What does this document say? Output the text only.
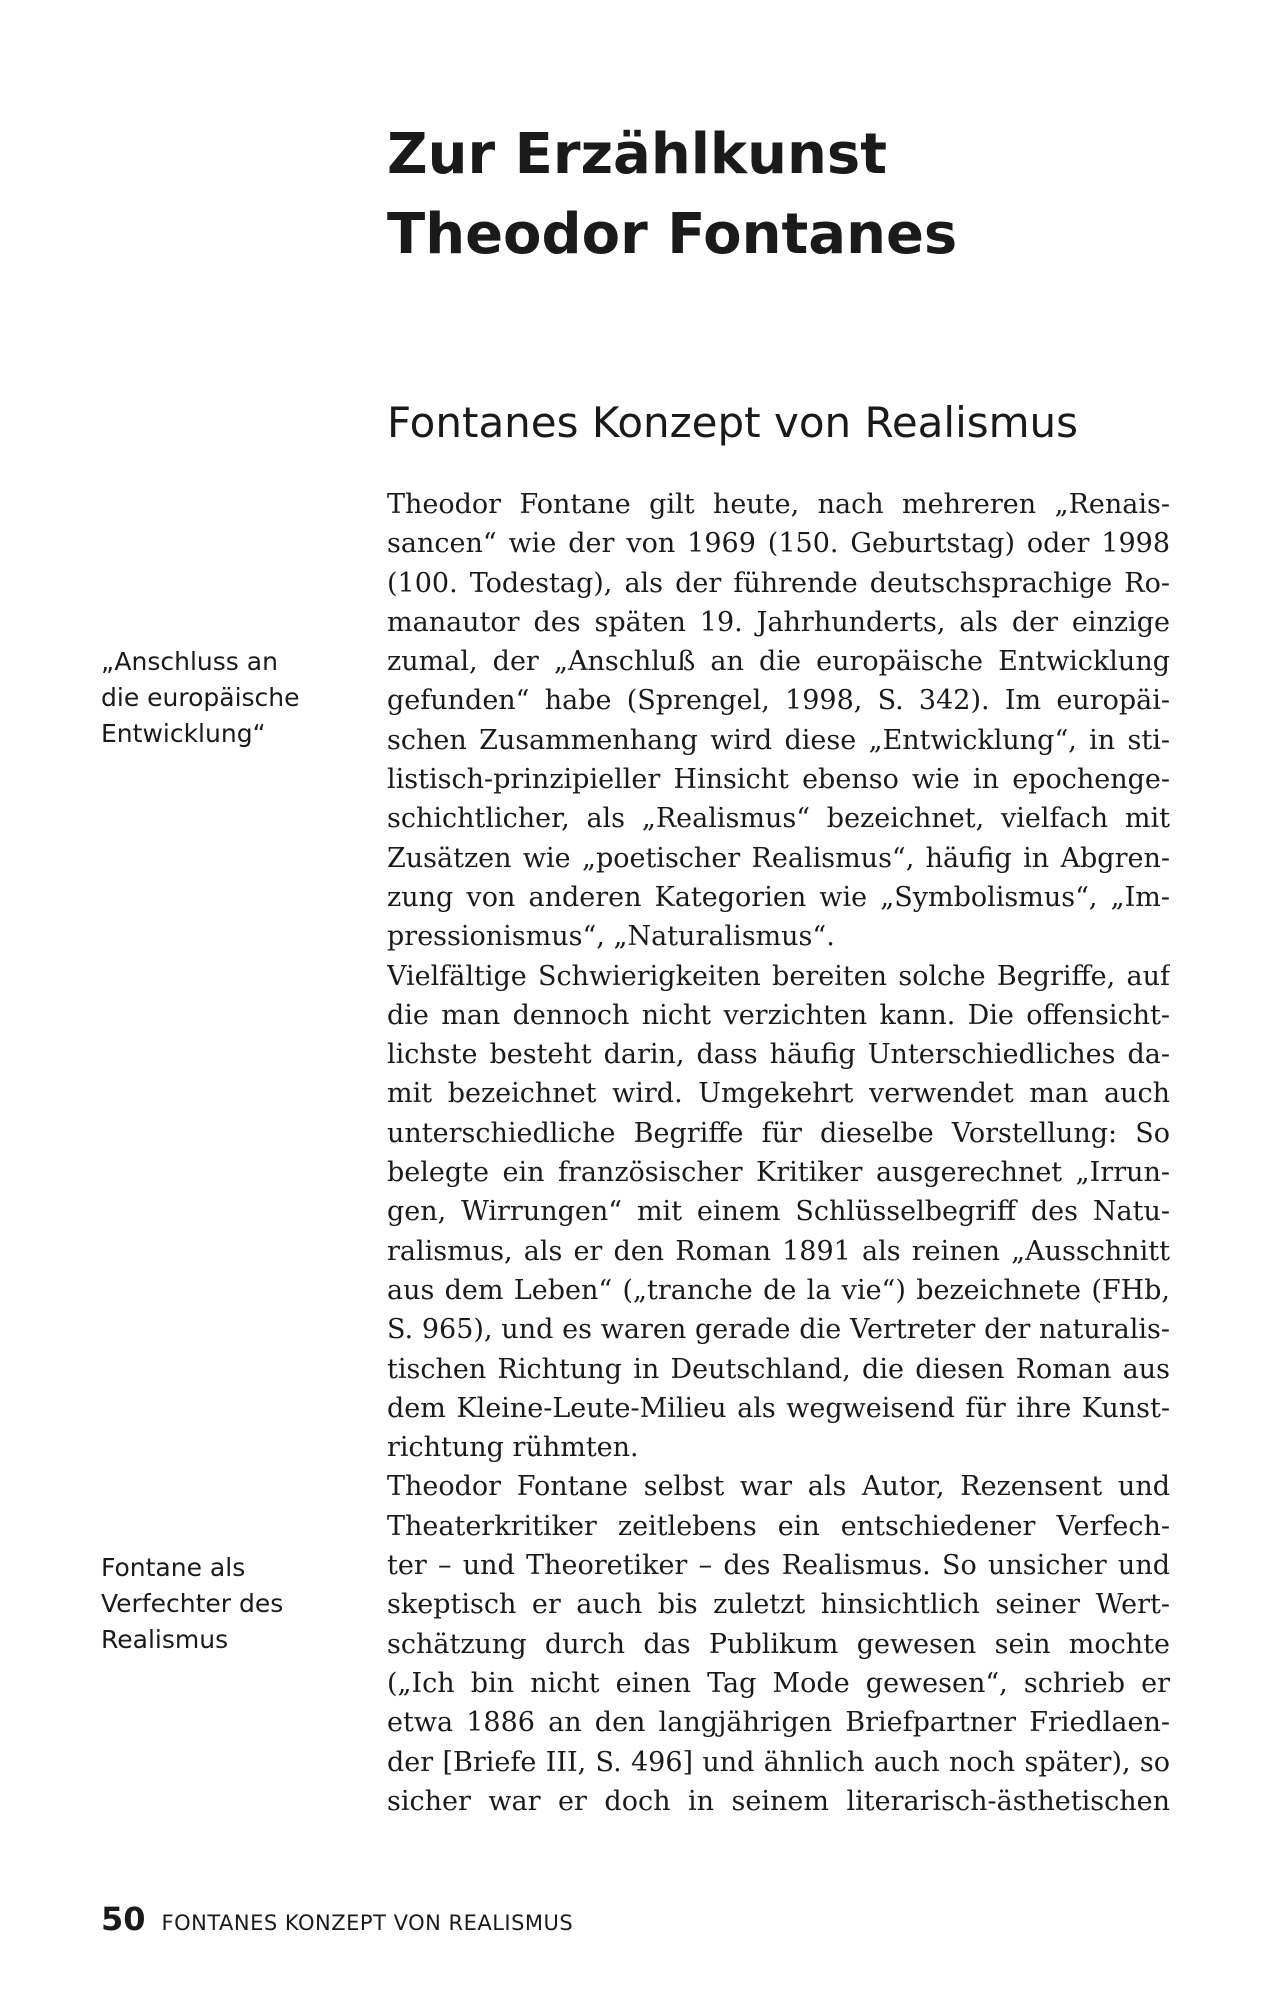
Zur Erzählkunst
Theodor Fontanes
Fontanes Konzept von Realismus
„Anschluss an
die europäische
Entwicklung“
Fontane als
Verfechter des
Realismus
Theodor Fontane gilt heute, nach mehreren „Renais-
sancen“ wie der von 1969 (150. Geburtstag) oder 1998
(100. Todestag), als der führende deutschsprachige Ro-
manautor des späten 19. Jahrhunderts, als der einzige
zumal, der „Anschluß an die europäische Entwicklung
gefunden“ habe (Sprengel, 1998, S. 342). Im europäi-
schen Zusammenhang wird diese „Entwicklung“, in sti-
listisch-prinzipieller Hinsicht ebenso wie in epochenge-
schichtlicher, als „Realismus“ bezeichnet, vielfach mit
Zusätzen wie „poetischer Realismus“, häufig in Abgren-
zung von anderen Kategorien wie „Symbolismus“, „Im-
pressionismus“, „Naturalismus“.
Vielfältige Schwierigkeiten bereiten solche Begriffe, auf
die man dennoch nicht verzichten kann. Die offensicht-
lichste besteht darin, dass häufig Unterschiedliches da-
mit bezeichnet wird. Umgekehrt verwendet man auch
unterschiedliche Begriffe für dieselbe Vorstellung: So
belegte ein französischer Kritiker ausgerechnet „Irrun-
gen, Wirrungen“ mit einem Schlüsselbegriff des Natu-
ralismus, als er den Roman 1891 als reinen „Ausschnitt
aus dem Leben“ („tranche de la vie“) bezeichnete (FHb,
S. 965), und es waren gerade die Vertreter der naturalis-
tischen Richtung in Deutschland, die diesen Roman aus
dem Kleine-Leute-Milieu als wegweisend für ihre Kunst-
richtung rühmten.
Theodor Fontane selbst war als Autor, Rezensent und
Theaterkritiker zeitlebens ein entschiedener Verfech-
ter – und Theoretiker – des Realismus. So unsicher und
skeptisch er auch bis zuletzt hinsichtlich seiner Wert-
schätzung durch das Publikum gewesen sein mochte
(„Ich bin nicht einen Tag Mode gewesen“, schrieb er
etwa 1886 an den langjährigen Briefpartner Friedlaen-
der [Briefe III, S. 496] und ähnlich auch noch später), so
sicher war er doch in seinem literarisch-ästhetischen
50 FONTANES KONZEPT VON REALISMUS
